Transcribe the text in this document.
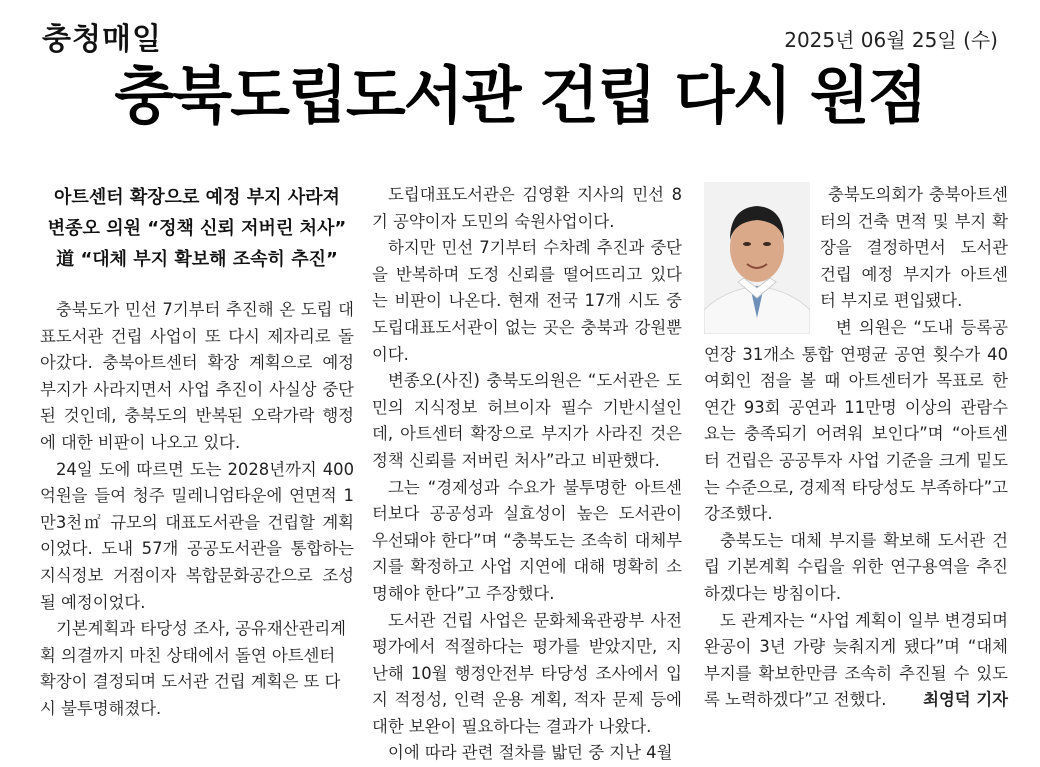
충청매일	2025년 06월 25일 (수)
충북도립도서관 건립 다시 원점
아트센터 확장으로 예정 부지 사라져
변종오 의원 “정책 신뢰 저버린 처사”
道 “대체 부지 확보해 조속히 추진”

충북도가 민선 7기부터 추진해 온 도립 대표도서관 건립 사업이 또 다시 제자리로 돌아갔다. 충북아트센터 확장 계획으로 예정 부지가 사라지면서 사업 추진이 사실상 중단된 것인데, 충북도의 반복된 오락가락 행정에 대한 비판이 나오고 있다.

24일 도에 따르면 도는 2028년까지 400억원을 들여 청주 밀레니엄타운에 연면적 1만3천㎡ 규모의 대표도서관을 건립할 계획이었다. 도내 57개 공공도서관을 통합하는 지식정보 거점이자 복합문화공간으로 조성될 예정이었다.

기본계획과 타당성 조사, 공유재산관리계획 의결까지 마친 상태에서 돌연 아트센터 확장이 결정되며 도서관 건립 계획은 또 다시 불투명해졌다.

도립대표도서관은 김영환 지사의 민선 8기 공약이자 도민의 숙원사업이다.

하지만 민선 7기부터 수차례 추진과 중단을 반복하며 도정 신뢰를 떨어뜨리고 있다는 비판이 나온다. 현재 전국 17개 시도 중 도립대표도서관이 없는 곳은 충북과 강원뿐이다.

변종오(사진) 충북도의원은 “도서관은 도민의 지식정보 허브이자 필수 기반시설인데, 아트센터 확장으로 부지가 사라진 것은 정책 신뢰를 저버린 처사”라고 비판했다.

그는 “경제성과 수요가 불투명한 아트센터보다 공공성과 실효성이 높은 도서관이 우선돼야 한다”며 “충북도는 조속히 대체부지를 확정하고 사업 지연에 대해 명확히 소명해야 한다”고 주장했다.

도서관 건립 사업은 문화체육관광부 사전평가에서 적절하다는 평가를 받았지만, 지난해 10월 행정안전부 타당성 조사에서 입지 적정성, 인력 운용 계획, 적자 문제 등에 대한 보완이 필요하다는 결과가 나왔다.

이에 따라 관련 절차를 밟던 중 지난 4월

충북도의회가 충북아트센터의 건축 면적 및 부지 확장을 결정하면서 도서관 건립 예정 부지가 아트센터 부지로 편입됐다.

변 의원은 “도내 등록공연장 31개소 통합 연평균 공연 횟수가 40여회인 점을 볼 때 아트센터가 목표로 한 연간 93회 공연과 11만명 이상의 관람수요는 충족되기 어려워 보인다”며 “아트센터 건립은 공공투자 사업 기준을 크게 밑도는 수준으로, 경제적 타당성도 부족하다”고 강조했다.

충북도는 대체 부지를 확보해 도서관 건립 기본계획 수립을 위한 연구용역을 추진하겠다는 방침이다.

도 관계자는 “사업 계획이 일부 변경되며 완공이 3년 가량 늦춰지게 됐다”며 “대체부지를 확보한만큼 조속히 추진될 수 있도록 노력하겠다”고 전했다.	최영덕 기자
